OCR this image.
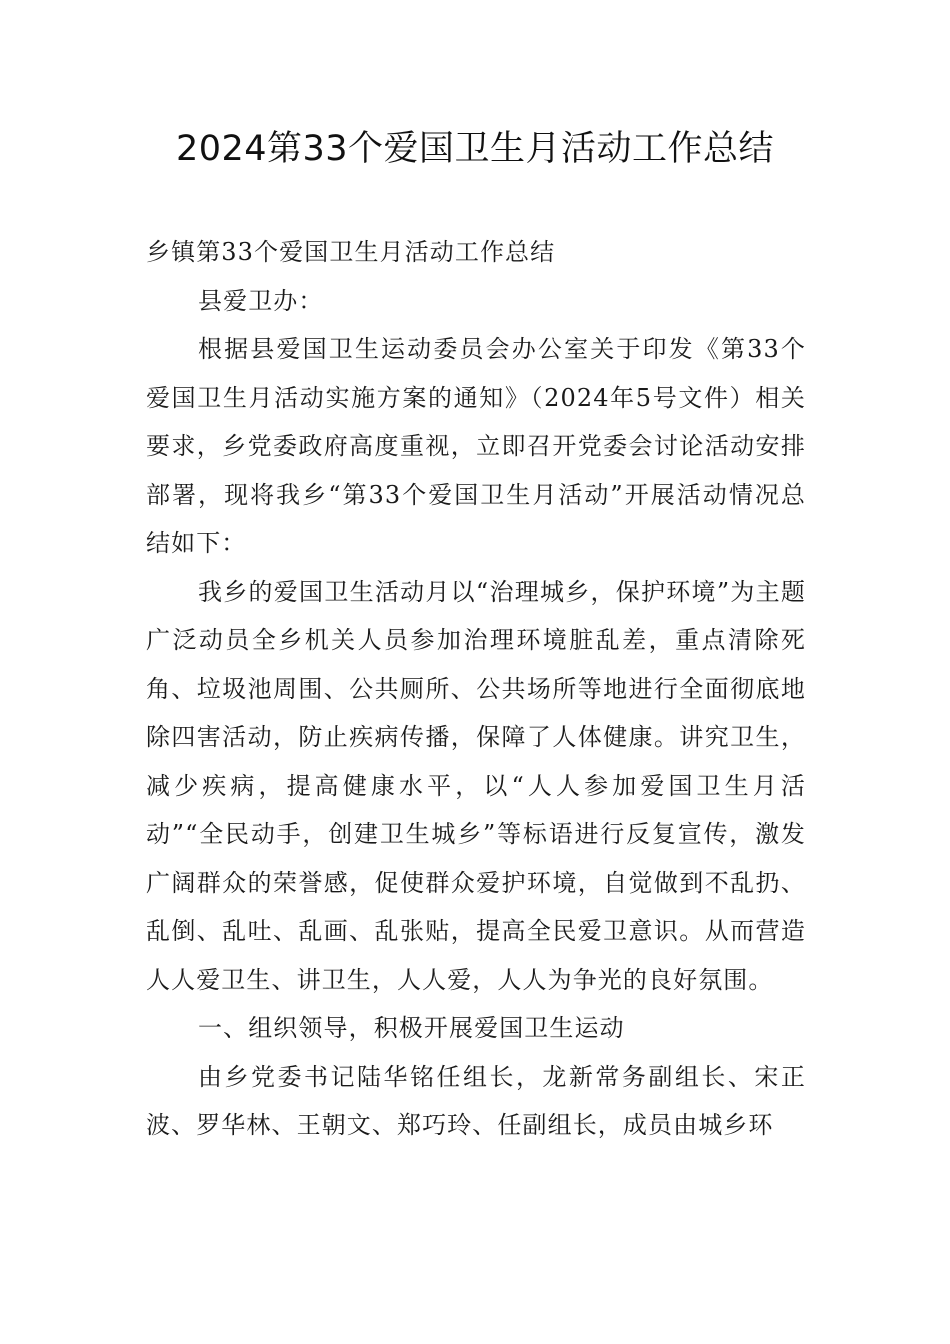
2024第33个爱国卫生月活动工作总结

乡镇第33个爱国卫生月活动工作总结

县爱卫办：

根据县爱国卫生运动委员会办公室关于印发《第33个爱国卫生月活动实施方案的通知》（2024年5号文件）相关要求，乡党委政府高度重视，立即召开党委会讨论活动安排部署，现将我乡“第33个爱国卫生月活动”开展活动情况总结如下：

我乡的爱国卫生活动月以“治理城乡，保护环境”为主题广泛动员全乡机关人员参加治理环境脏乱差，重点清除死角、垃圾池周围、公共厕所、公共场所等地进行全面彻底地除四害活动，防止疾病传播，保障了人体健康。讲究卫生，减少疾病，提高健康水平，以“人人参加爱国卫生月活动”“全民动手，创建卫生城乡”等标语进行反复宣传，激发广阔群众的荣誉感，促使群众爱护环境，自觉做到不乱扔、乱倒、乱吐、乱画、乱张贴，提高全民爱卫意识。从而营造人人爱卫生、讲卫生，人人爱，人人为争光的良好氛围。

一、组织领导，积极开展爱国卫生运动

由乡党委书记陆华铭任组长，龙新常务副组长、宋正波、罗华林、王朝文、郑巧玲、任副组长，成员由城乡环
